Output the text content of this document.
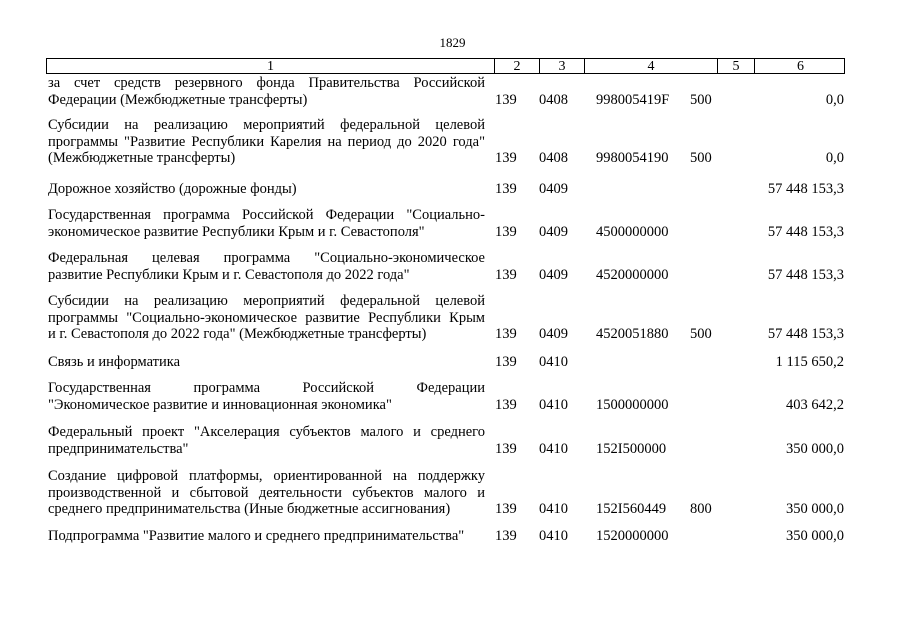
1829
1	2	3	4	5	6
за счет средств резервного фонда Правительства Российской
Федерации (Межбюджетные трансферты)	139 0408 998005419F 500	0,0
Субсидии на реализацию мероприятий федеральной целевой
программы "Развитие Республики Карелия на период до 2020 года"
(Межбюджетные трансферты)	139 0408 9980054190 500	0,0
Дорожное хозяйство (дорожные фонды)	139 0409	57 448 153,3
Государственная программа Российской Федерации "Социально-
экономическое развитие Республики Крым и г. Севастополя"	139 0409 4500000000	57 448 153,3
Федеральная целевая программа "Социально-экономическое
развитие Республики Крым и г. Севастополя до 2022 года"	139 0409 4520000000	57 448 153,3
Субсидии на реализацию мероприятий федеральной целевой
программы "Социально-экономическое развитие Республики Крым
и г. Севастополя до 2022 года" (Межбюджетные трансферты)	139 0409 4520051880 500	57 448 153,3
Связь и информатика	139 0410	1 115 650,2
Государственная программа Российской Федерации
"Экономическое развитие и инновационная экономика"	139 0410 1500000000	403 642,2
Федеральный проект "Акселерация субъектов малого и среднего
предпринимательства"	139 0410 152I500000	350 000,0
Создание цифровой платформы, ориентированной на поддержку
производственной и сбытовой деятельности субъектов малого и
среднего предпринимательства (Иные бюджетные ассигнования)	139 0410 152I560449 800	350 000,0
Подпрограмма "Развитие малого и среднего предпринимательства"	139 0410 1520000000	350 000,0
